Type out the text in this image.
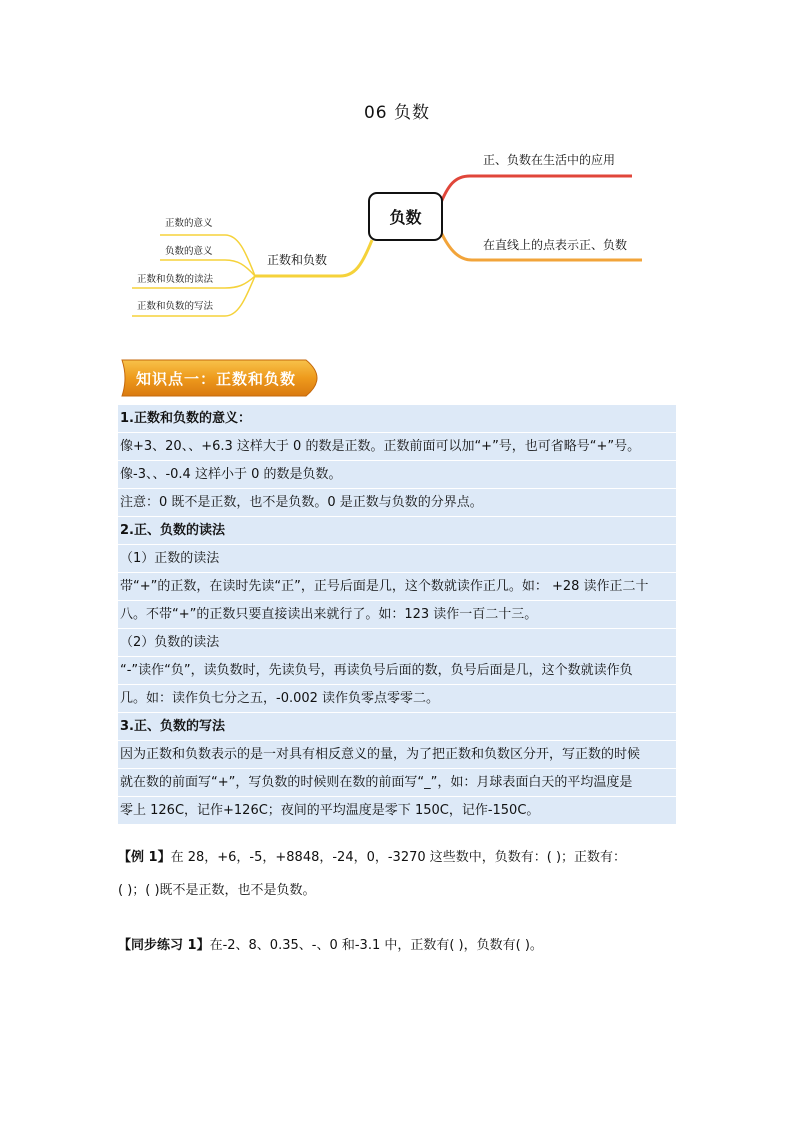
06 负数
负数
正、负数在生活中的应用
在直线上的点表示正、负数
正数和负数
正数的意义
负数的意义
正数和负数的读法
正数和负数的写法
知识点一：正数和负数
1.正数和负数的意义：
像+3、20、、+6.3 这样大于 0 的数是正数。正数前面可以加“+”号，也可省略号“+”号。
像-3、、-0.4 这样小于 0 的数是负数。
注意：0 既不是正数，也不是负数。0 是正数与负数的分界点。
2.正、负数的读法
（1）正数的读法
带“+”的正数，在读时先读“正”，正号后面是几，这个数就读作正几。如： +28 读作正二十
八。不带“+”的正数只要直接读出来就行了。如：123 读作一百二十三。
（2）负数的读法
“-”读作“负”，读负数时，先读负号，再读负号后面的数，负号后面是几，这个数就读作负
几。如：读作负七分之五，-0.002 读作负零点零零二。
3.正、负数的写法
因为正数和负数表示的是一对具有相反意义的量，为了把正数和负数区分开，写正数的时候
就在数的前面写“+”，写负数的时候则在数的前面写“_”，如：月球表面白天的平均温度是
零上 126C，记作+126C；夜间的平均温度是零下 150C，记作-150C。
【例 1】在 28，+6，-5，+8848，-24，0，-3270 这些数中，负数有：( )；正数有：
( )；( )既不是正数，也不是负数。
【同步练习 1】在-2、8、0.35、-、0 和-3.1 中，正数有( )，负数有( )。
